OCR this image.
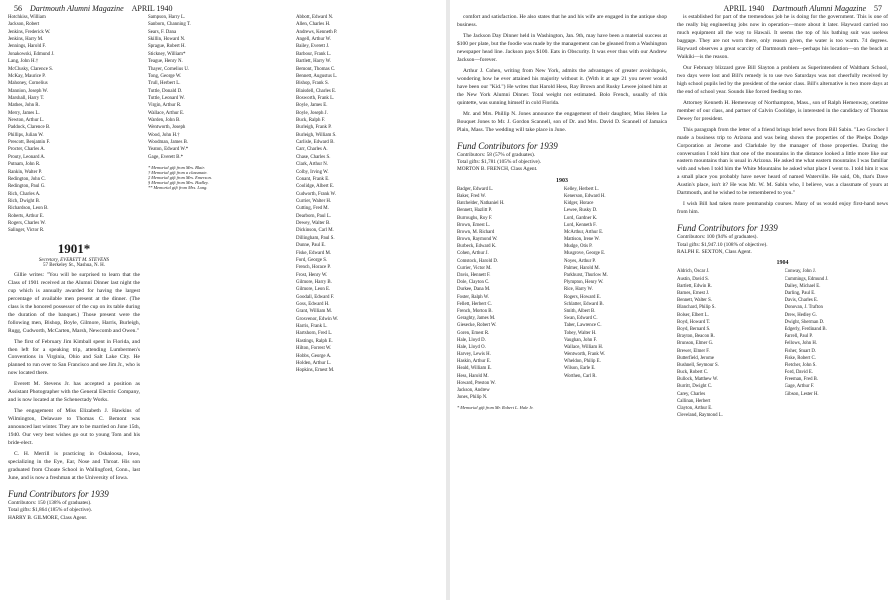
56 Dartmouth Alumni Magazine APRIL 1940
Hotchkiss, William
Jackson, Robert
Jenkins, Frederick W.
Jenkins, Harry M.
Jennings, Harold F.
Jonakowski, Edmund J.
Lang, John H.†
McClusky, Clarence S.
McKay, Maurice P.
Mahoney, Cornelius
Mannion, Joseph W.
Marshall, Harry T.
Mathes, John R.
Merry, James L.
Newton, Arthur L.
Paddock, Clarence B.
Phillips, Julian W.
Prescott, Benjamin F.
Procter, Charles A.
Prouty, Leonard A.
Putnam, John R.
Rankin, Walter P.
Redington, John C.
Redington, Paul G.
Rich, Charles A.
Rich, Dwight B.
Richardson, Leon B.
Roberts, Arthur E.
Rogers, Charles W.
Salinger, Victor R.
1901*
Secretary, EVERETT M. STEVENS
57 Berkeley St., Nashua, N. H.

Gillie writes: "You will be surprised to learn that the Class of 1901 received at the Alumni Dinner last night the cup which is annually awarded for having the largest percentage of available men present at the dinner. (The class is the honored possessor of the cup on its table during the duration of the banquet.) Those present were the following men, Bishop, Boyle, Gilmore, Harris, Burleigh, Rugg, Cudworth, McCarten, Marsh, Newcomb and Owen."

The first of February Jim Kimball spent in Florida, and then left for a speaking trip, attending Lumbermen's Conventions in Virginia, Ohio and Salt Lake City. He planned to run over to San Francisco and see Jim Jr., who is now located there.

Everett M. Stevens Jr. has accepted a position as Assistant Photographer with the General Electric Company, and is now located at the Schenectady Works.

The engagement of Miss Elizabeth J. Hawkins of Wilmington, Delaware to Thomas C. Bemont was announced last winter. They are to be married on June 15th, 1940. Our very best wishes go out to young Tom and his bride-elect.

C. H. Merrill is practicing in Oskaloosa, Iowa, specializing in the Eye, Ear, Nose and Throat. His son graduated from Choate School in Wallingford, Conn., last June, and is now a freshman at the University of Iowa.

Fund Contributors for 1939
Contributors: 150 (138% of graduates).
Total gifts: $1,864 (185% of objective).
HARRY B. GILMORE, Class Agent.
Sampson, Harry L.
Sanborn, Channing T.
Sears, F. Dana
Skillin, Howard N.
Sprague, Robert H.
Stickney, William*
Teague, Henry N.
Thayer, Cornelius U.
Tong, George W.
Trull, Herbert L.
Tuttle, Donald D.
Tuttle, Leonard W.
Virgin, Arthur R.
Wallace, Arthur E.
Warden, John B.
Wentworth, Joseph
Wood, John H.†
Woodman, James B.
Yeaton, Edward W.*
Gage, Everett B.*
* Memorial gift from Mrs. Blair.
† Memorial gift from a classmate.
‡ Memorial gift from Mrs. Emerson.
§ Memorial gift from Mrs. Hadley.
** Memorial gift from Mrs. Long.
Abbott, Edward N.
Allen, Charles H.
Andrews, Kenneth P.
Angell, Arthur W.
Bailey, Everett J.
Barbour, Frank L.
Bartlett, Harry W.
Bemont, Thomas C.
Bennett, Augustus L.
Bishop, Frank S.
Blaisdell, Charles E.
Bosworth, Frank L.
Boyle, James E.
Boyle, Joseph J.
Buck, Ralph F.
Burleigh, Frank P.
Burleigh, William S.
Carlisle, Edward B.
Carr, Charles A.
Chase, Charles S.
Clark, Arthur N.
Colby, Irving W.
Conant, Frank E.
Coolidge, Albert E.
Cudworth, Frank W.
Currier, Walter H.
Cutting, Fred M.
Dearborn, Paul L.
Dewey, Walter B.
Dickinson, Carl M.
Dillingham, Paul S.
Dunne, Paul E.
Fiske, Edward M.
Ford, George S.
French, Horace P.
Frost, Henry W.
Gilmore, Harry B.
Gilmore, Leon E.
Goodall, Edward F.
Goss, Edward H.
Grant, William M.
Grosvenor, Edwin W.
Harris, Frank L.
Hartshorn, Fred L.
Hastings, Ralph E.
Hilton, Forrest W.
Hobbs, George A.
Holden, Arthur L.
Hopkins, Ernest M.
APRIL 1940 Dartmouth Alumni Magazine 57

comfort and satisfaction. He also states that he and his wife are engaged in the antique shop business.

The Jackson Day Dinner held in Washington, Jan. 9th, may have been a material success at $100 per plate, but the foodie was made by the management can be gleaned from a Washington newspaper head line. Jackson pays $100. Eats in Obscurity. It was ever thus with our Andrew Jackson—forever.

Arthur J. Cohen, writing from New York, admits the advantages of greater avoirdupois, wondering how he ever attained his majority without it. (With it at age 21 you never would have been our "Kid.") He writes that Harold Hess, Ray Brown and Rusky Lewee joined him at the New York Alumni Dinner. Total weight not estimated. Bolo French, usually of this quintette, was sunning himself in cold Florida.

Mr. and Mrs. Phillip N. Jones announce the engagement of their daughter, Miss Helen Le Bouquet Jones to Mr. J. Gordon Scannell, son of Dr. and Mrs. David D. Scannell of Jamaica Plain, Mass. The wedding will take place in June.

Fund Contributors for 1939
Contributors: 58 (57% of graduates).
Total gifts: $1,781 (105% of objective).
MORTON B. FRENCH, Class Agent.
1903
Badger, Edward L.
Baker, Fred W.
Batchelder, Nathaniel H.
Bennett, Hazlitt P.
Burroughs, Roy F.
Brown, Ernest L.
Brown, M. Richard
Brown, Raymond W.
Burbeck, Edward K.
Cohen, Arthur J.
Comstock, Harold D.
Currier, Victor M.
Davis, Hennett F.
Dole, Clayton C.
Durkee, Dana M.
Foster, Ralph W.
Fellett, Herbert C.
French, Morton B.
Geraghty, James M.
Giesecke, Robert W.
Goren, Ernest R.
Hale, Lloyd D.
Hale, Lloyd O.
Harvey, Lewis H.
Haskin, Arthur E.
Heald, William E.
Hess, Harold M.
Howard, Preston W.
Jackson, Andrew
Jones, Philip N.
Kelley, Herbert L.
Kenerson, Edward H.
Kidger, Horace
Lewee, Rusky D.
Lord, Gardner K.
Lord, Kenneth F.
McArthur, Arthur E.
Mattison, Irene W.
Mudge, Otis P.
Musgrove, George E.
Noyes, Arthur P.
Palmer, Harold M.
Parkhurst, Thurlow M.
Plympton, Henry W.
Rice, Harry W.
Rogers, Howard E.
Schlatter, Edward B.
Smith, Albert B.
Swan, Edward C.
Taber, Lawrence C.
Tobey, Walter H.
Vaughan, John F.
Wallace, William H.
Wentworth, Frank W.
Wheldon, Philip E.
Wilson, Earle E.
Worthen, Carl R.
* Memorial gift from Mr. Robert L. Hale Jr.

is established for part of the tremendous job he is doing for the government. This is one of the really big engineering jobs now in operation—more about it later. Hayward carried too much equipment all the way to Hawaii. It seems the top of his bathing suit was useless baggage. They are not worn there, only reason given, the water is too warm. 74 degrees. Hayward observes a great scarcity of Dartmouth men—perhaps his location—on the beach at Waikiki—is the reason.

Our February blizzard gave Bill Slayton a problem as Superintendent of Waltham School, two days were lost and Bill's remedy is to use two Saturdays was not cheerfully received by high school pupils led by the president of the senior class. Bill's alternative is two more days at the end of school year. Sounds like forced feeding to me.

Attorney Kenneth H. Hemenway of Northampton, Mass., son of Ralph Hemenway, onetime member of our class, and partner of Calvin Coolidge, is interested in the candidacy of Thomas Dewey for president.

This paragraph from the letter of a friend brings brief news from Bill Sabin. "Leo Grocher I made a business trip to Arizona and was being shown the properties of the Phelps Dodge Corporation at Jerome and Clarkdale by the manager of those properties. During the conversation I told him that one of the mountains in the distance looked a little more like our eastern mountains than is usual in Arizona. He asked me what eastern mountains I was familiar with and when I told him the White Mountains he asked what place I went to. I told him it was a small place you probably have never heard of named Waterville. He said, Oh, that's Dave Austin's place, isn't it? He was Mr. W. M. Sabin who, I believe, was a classmate of yours at Dartmouth, and he wished to be remembered to you."

I wish Bill had taken more penmanship courses. Many of us would enjoy first-hand news from him.

Fund Contributors for 1939
Contributors: 100 (94% of graduates).
Total gifts: $1,947.10 (108% of objective).
RALPH E. SEXTON, Class Agent.
1904
Aldrich, Oscar J.
Austin, David S.
Bartlett, Edwin R.
Barnes, Ernest J.
Bennett, Walter S.
Blanchard, Philip S.
Bolser, Elbert L.
Boyd, Howard T.
Boyd, Bernard S.
Brayton, Beacon R.
Brunson, Elmer G.
Brewer, Elmer F.
Butterfield, Jerome
Bushnell, Seymour S.
Buck, Robert C.
Bullock, Matthew W.
Burritt, Dwight C.
Carey, Charles
Callinan, Herbert
Clayton, Arthur E.
Cleveland, Raymond L.
Conway, John J.
Cummings, Edmund J.
Dailey, Michael E.
Darling, Paul E.
Davis, Charles E.
Donovan, J. Trafton
Drew, Hedley G.
Dwight, Sherman D.
Edgerly, Ferdinand B.
Farrell, Paul P.
Fellows, John H.
Fisher, Stuart D.
Fiske, Robert C.
Fletcher, John S.
Ford, David E.
Freeman, Fred B.
Gage, Arthur F.
Gibson, Lester H.
